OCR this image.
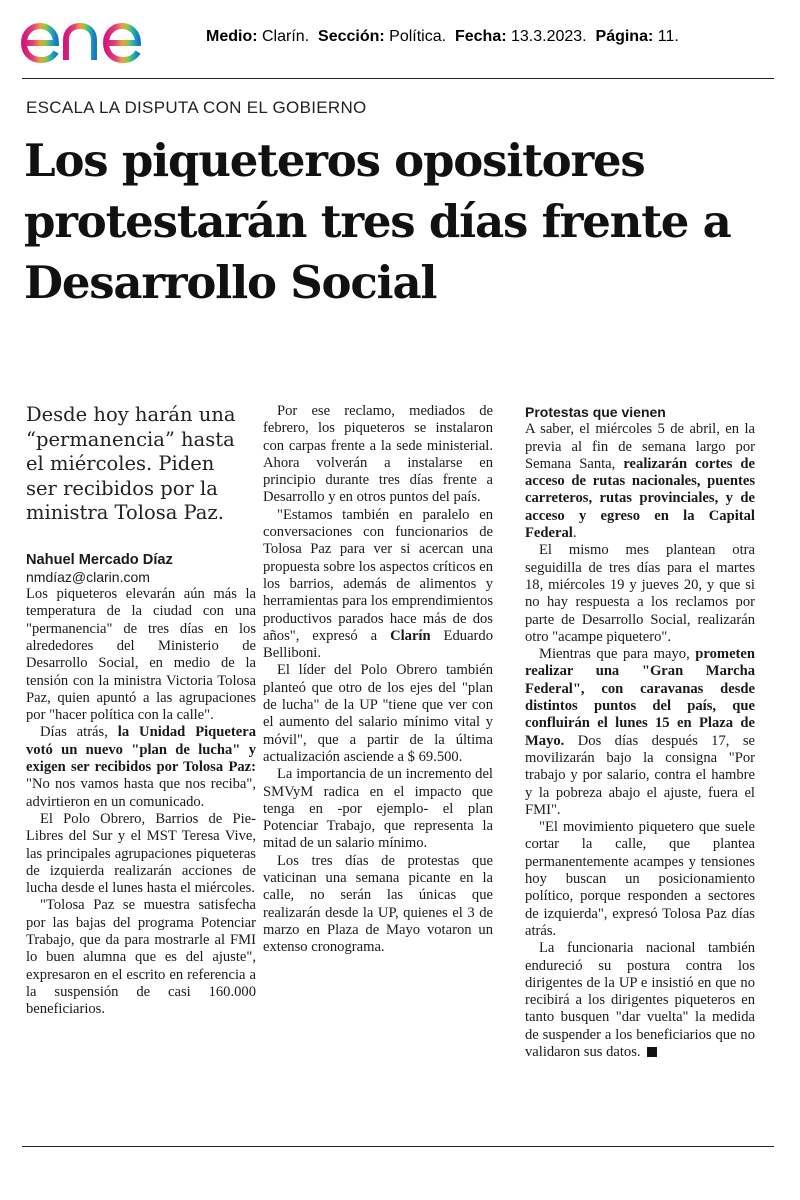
Medio: Clarín. Sección: Política. Fecha: 13.3.2023. Página: 11.
ESCALA LA DISPUTA CON EL GOBIERNO
Los piqueteros opositores protestarán tres días frente a Desarrollo Social
Desde hoy harán una “permanencia” hasta el miércoles. Piden ser recibidos por la ministra Tolosa Paz.

Nahuel Mercado Díaz

nmdíaz@clarin.com

Los piqueteros elevarán aún más la temperatura de la ciudad con una "permanencia" de tres días en los alrededores del Ministerio de Desarrollo Social, en medio de la tensión con la ministra Victoria Tolosa Paz, quien apuntó a las agrupaciones por "hacer política con la calle".

Días atrás, la Unidad Piquetera votó un nuevo "plan de lucha" y exigen ser recibidos por Tolosa Paz: "No nos vamos hasta que nos reciba", advirtieron en un comunicado.

El Polo Obrero, Barrios de Pie-Libres del Sur y el MST Teresa Vive, las principales agrupaciones piqueteras de izquierda realizarán acciones de lucha desde el lunes hasta el miércoles.

"Tolosa Paz se muestra satisfecha por las bajas del programa Potenciar Trabajo, que da para mostrarle al FMI lo buen alumna que es del ajuste", expresaron en el escrito en referencia a la suspensión de casi 160.000 beneficiarios.

Por ese reclamo, mediados de febrero, los piqueteros se instalaron con carpas frente a la sede ministerial. Ahora volverán a instalarse en principio durante tres días frente a Desarrollo y en otros puntos del país.

"Estamos también en paralelo en conversaciones con funcionarios de Tolosa Paz para ver si acercan una propuesta sobre los aspectos críticos en los barrios, además de alimentos y herramientas para los emprendimientos productivos parados hace más de dos años", expresó a Clarín Eduardo Belliboni.

El líder del Polo Obrero también planteó que otro de los ejes del "plan de lucha" de la UP "tiene que ver con el aumento del salario mínimo vital y móvil", que a partir de la última actualización asciende a $ 69.500.

La importancia de un incremento del SMVyM radica en el impacto que tenga en -por ejemplo- el plan Potenciar Trabajo, que representa la mitad de un salario mínimo.

Los tres días de protestas que vaticinan una semana picante en la calle, no serán las únicas que realizarán desde la UP, quienes el 3 de marzo en Plaza de Mayo votaron un extenso cronograma.

Protestas que vienen

A saber, el miércoles 5 de abril, en la previa al fin de semana largo por Semana Santa, realizarán cortes de acceso de rutas nacionales, puentes carreteros, rutas provinciales, y de acceso y egreso en la Capital Federal.

El mismo mes plantean otra seguidilla de tres días para el martes 18, miércoles 19 y jueves 20, y que si no hay respuesta a los reclamos por parte de Desarrollo Social, realizarán otro "acampe piquetero".

Mientras que para mayo, prometen realizar una "Gran Marcha Federal", con caravanas desde distintos puntos del país, que confluirán el lunes 15 en Plaza de Mayo. Dos días después 17, se movilizarán bajo la consigna "Por trabajo y por salario, contra el hambre y la pobreza abajo el ajuste, fuera el FMI".

"El movimiento piquetero que suele cortar la calle, que plantea permanentemente acampes y tensiones hoy buscan un posicionamiento político, porque responden a sectores de izquierda", expresó Tolosa Paz días atrás.

La funcionaria nacional también endureció su postura contra los dirigentes de la UP e insistió en que no recibirá a los dirigentes piqueteros en tanto busquen "dar vuelta" la medida de suspender a los beneficiarios que no validaron sus datos.
